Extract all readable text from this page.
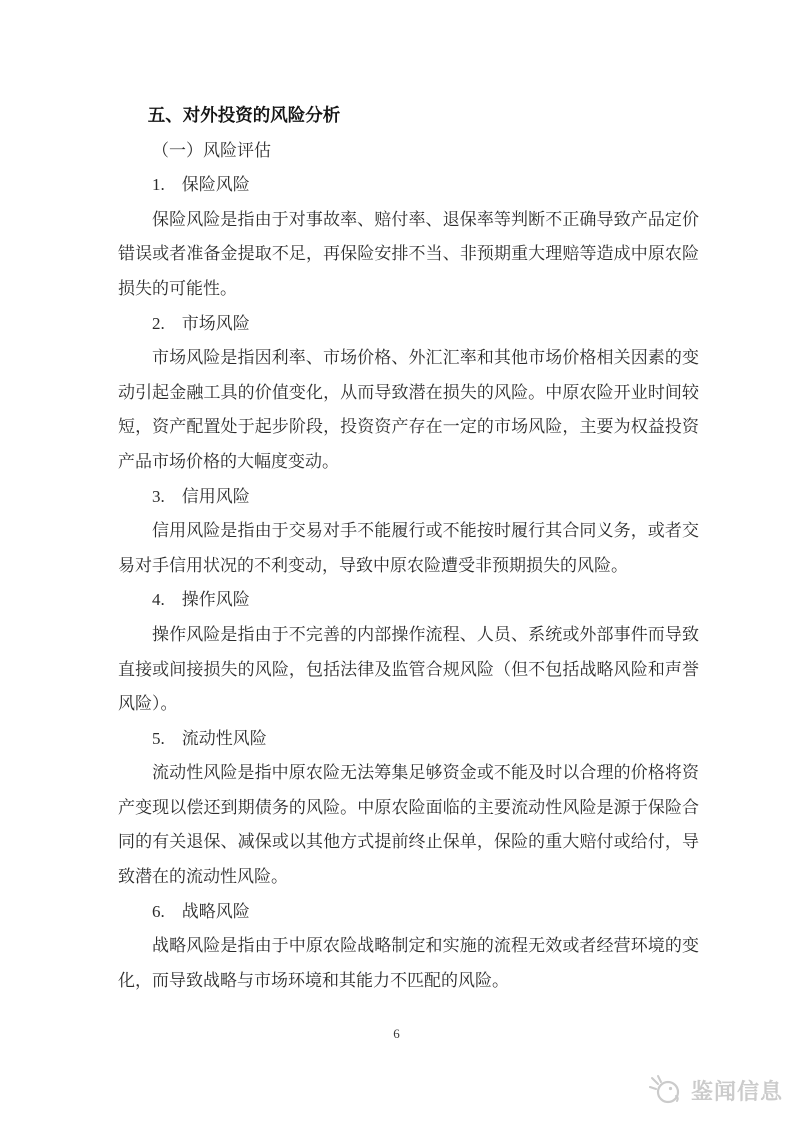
五、对外投资的风险分析
（一）风险评估
1.　保险风险

保险风险是指由于对事故率、赔付率、退保率等判断不正确导致产品定价错误或者准备金提取不足，再保险安排不当、非预期重大理赔等造成中原农险损失的可能性。

2.　市场风险

市场风险是指因利率、市场价格、外汇汇率和其他市场价格相关因素的变动引起金融工具的价值变化，从而导致潜在损失的风险。中原农险开业时间较短，资产配置处于起步阶段，投资资产存在一定的市场风险，主要为权益投资产品市场价格的大幅度变动。

3.　信用风险

信用风险是指由于交易对手不能履行或不能按时履行其合同义务，或者交易对手信用状况的不利变动，导致中原农险遭受非预期损失的风险。

4.　操作风险

操作风险是指由于不完善的内部操作流程、人员、系统或外部事件而导致直接或间接损失的风险，包括法律及监管合规风险（但不包括战略风险和声誉风险）。

5.　流动性风险

流动性风险是指中原农险无法筹集足够资金或不能及时以合理的价格将资产变现以偿还到期债务的风险。中原农险面临的主要流动性风险是源于保险合同的有关退保、减保或以其他方式提前终止保单，保险的重大赔付或给付，导致潜在的流动性风险。

6.　战略风险

战略风险是指由于中原农险战略制定和实施的流程无效或者经营环境的变化，而导致战略与市场环境和其能力不匹配的风险。

6
鉴闻信息
